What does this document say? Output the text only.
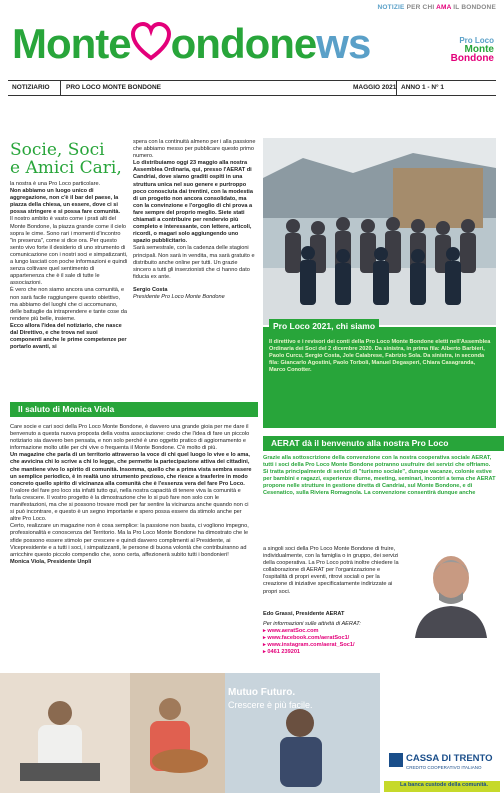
NOTIZIE PER CHI AMA IL BONDONE
Monte ondonews	Pro Loco
Monte
Bondone
NOTIZIARIO	PRO LOCO MONTE BONDONE	MAGGIO 2021 ANNO 1 - N° 1
Socie, Soci
e Amici Cari,

la nostra è una Pro Loco particolare.

Non abbiamo un luogo unico di aggregazione, non c'è il bar del paese, la piazza della chiesa, un essere, dove ci si possa stringere e si possa fare comunità.

Il nostro ambito è vasto come i prati alti del Monte Bondone, la piazza grande come il cielo sopra le cime. Sono rari i momenti d'incontro "in presenza", come si dice ora. Per questo sento vivo forte il desiderio di uno strumento di comunicazione con i nostri soci e simpatizzanti, a lungo lasciati con poche informazioni e quindi senza coltivare quel sentimento di appartenenza che è il sale di tutte le associazioni.

È vero che non siamo ancora una comunità, e non sarà facile raggiungere questo obiettivo, ma abbiamo del luoghi che ci accomunano, delle battaglie da intraprendere e tante cose da rendere più belle, insieme.

Ecco allora l'idea del notiziario, che nasce dal Direttivo, e che trova nel suoi componenti anche le prime competenze per portarlo avanti, si

spera con la continuità almeno per i alla passione che abbiamo messo per pubblicare questo primo numero.

Lo distribuiamo oggi 23 maggio alla nostra Assemblea Ordinaria, qui, presso l'AERAT di Candriai, dove siamo graditi ospiti in una struttura unica nel suo genere e purtroppo poco conosciuta dai trentini, con la modestia di un progetto non ancora consolidato, ma con la convinzione e l'orgoglio di chi prova a fare sempre del proprio meglio. Siete stati chiamati a contribuire per rendervio più completo e interessante, con lettere, articoli, ricordi, o magari solo aggiungendo uno spazio pubblicitario.

Sarà semestrale, con la cadenza delle stagioni principali. Non sarà in vendita, ma sarà gratuito e distribuito anche online per tutti. Un grazie sincero a tutti gli inserzionisti che ci hanno dato fiducia ex ante.

Sergio Costa

Presidente Pro Loco Monte Bondone

Pro Loco 2021, chi siamo
Il direttivo e i revisori dei conti della Pro Loco Monte Bondone eletti nell'Assemblea Ordinaria dei Soci del 2 dicembre 2020. Da sinistra, in prima fila: Alberto Barbieri, Paolo Curcu, Sergio Costa, Jole Calabrese, Fabrizio Sola. Da sinistra, in seconda fila: Giancarlo Agostini, Paolo Torboli, Manuel Degasperi, Chiara Casagranda, Marco Conotter.
Il saluto di Monica Viola

Care socie e cari soci della Pro Loco Monte Bondone, è davvero una grande gioia per me dare il benvenuto a questa nuova proposta della vostra associazione: credo che l'idea di fare un piccolo notiziario sia davvero ben pensata, e non solo perché è uno oggetto pratico di aggiornamento e informazione molto utile per chi vive o frequenta il Monte Bondone. C'è molto di più.

Un magazine che parla di un territorio attraverso la voce di chi quel luogo lo vive e lo ama, che avvicina chi lo scrive a chi lo legge, che permette la partecipazione attiva dei cittadini, che mantiene vivo lo spirito di comunità. Insomma, quello che a prima vista sembra essere un semplice periodico, è in realtà uno strumento prezioso, che riesce a trasferire in modo concreto quello spirito di vicinanza alla comunità che è l'essenza vera del fare Pro Loco.

Il valore del fare pro loco sta infatti tutto qui, nella nostra capacità di tenere viva la comunità e farla crescere. Il vostro progetto è la dimostrazione che lo si può fare non solo con le manifestazioni, ma che si possono trovare modi per far sentire la vicinanza anche quando non ci si può incontrare, e questo è un segno importante e spero possa essere da stimolo anche per altre Pro Loco.

Certo, realizzare un magazine non è cosa semplice: la passione non basta, ci vogliono impegno, professionalità e conoscenza del Territorio. Ma la Pro Loco Monte Bondone ha dimostrato che le sfide possono essere stimolo per crescere e quindi davvero complimenti al Presidente, ai Vicepresidente e a tutti i soci, i simpatizzanti, le persone di buona volontà che contribuiranno ad arricchire questo piccolo compendio che, sono certa, affezionerà subito tutti i bondonieri!

Monica Viola, Presidente Unpli

AERAT dà il benvenuto alla nostra Pro Loco

Grazie alla sottoscrizione della convenzione con la nostra cooperativa sociale AERAT, tutti i soci della Pro Loco Monte Bondone potranno usufruire dei servizi che offriamo. Si tratta principalmente di servizi di "turismo sociale", dunque vacanze, colonie estive per bambini e ragazzi, esperienze diurne, meeting, seminari, incontri a tema che AERAT propone nelle strutture in gestione diretta di Candriai, sul Monte Bondone, e di Cesenatico, sulla Riviera Romagnola. La convenzione consentirà dunque anche

a singoli soci della Pro Loco Monte Bondone di fruire, individualmente, con la famiglia o in gruppo, dei servizi della cooperativa. La Pro Loco potrà inoltre chiedere la collaborazione di AERAT per l'organizzazione e l'ospitalità di propri eventi, ritrovi sociali o per la creazione di iniziative specificatamente indirizzate ai propri soci.

Edo Grassi, Presidente AERAT
Per informazioni sulle attività di AERAT:
▸ www.aeratSoc.com
▸ www.facebook.com/aeratSoc1/
▸ www.instagram.com/aerat_Soc1/
▸ 0461 239201
Mutuo Futuro.
Crescere è più facile.
CASSA DI TRENTO
CREDITO COOPERATIVO ITALIANO
La banca custode della comunità.
